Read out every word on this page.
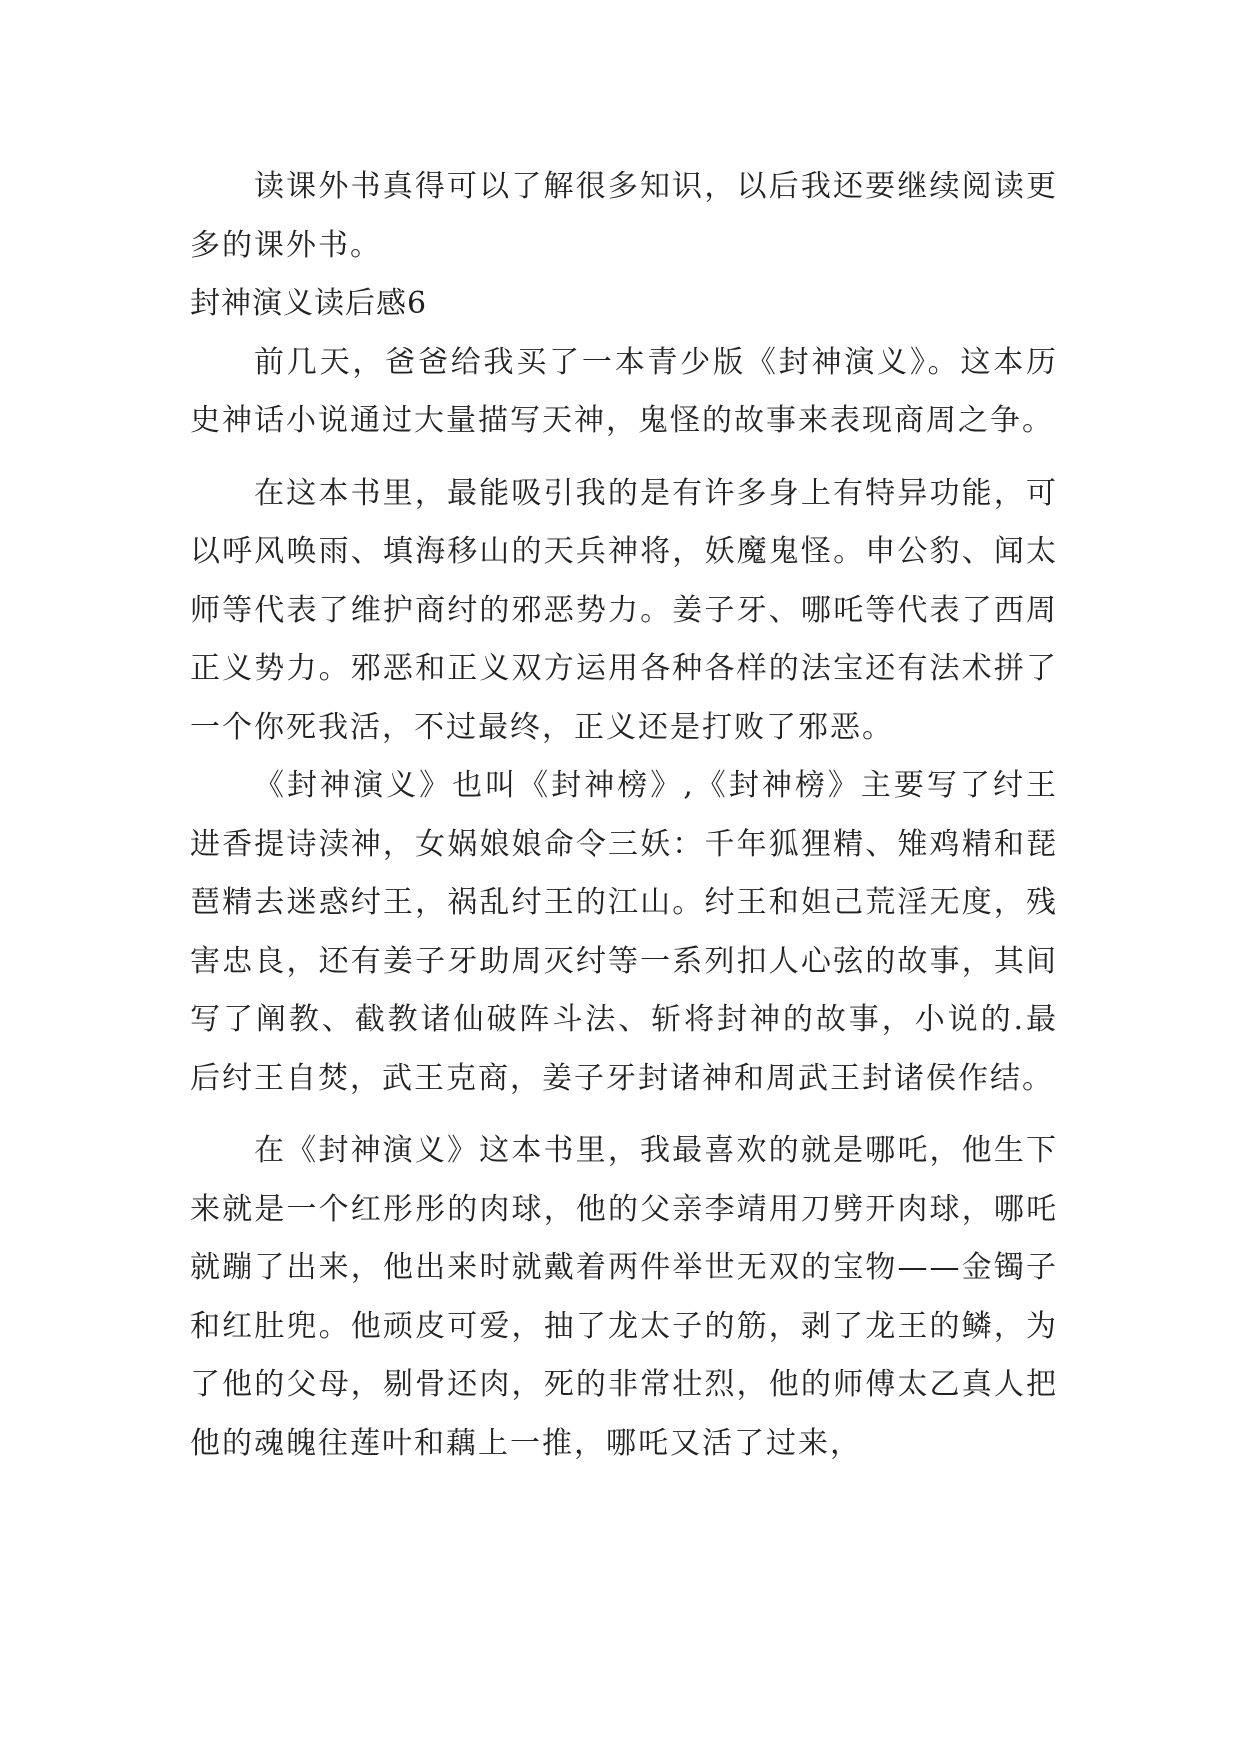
读课外书真得可以了解很多知识，以后我还要继续阅读更多的课外书。

封神演义读后感6

前几天，爸爸给我买了一本青少版《封神演义》。这本历史神话小说通过大量描写天神，鬼怪的故事来表现商周之争。

在这本书里，最能吸引我的是有许多身上有特异功能，可以呼风唤雨、填海移山的天兵神将，妖魔鬼怪。申公豹、闻太师等代表了维护商纣的邪恶势力。姜子牙、哪吒等代表了西周正义势力。邪恶和正义双方运用各种各样的法宝还有法术拼了一个你死我活，不过最终，正义还是打败了邪恶。

《封神演义》也叫《封神榜》,《封神榜》主要写了纣王进香提诗渎神，女娲娘娘命令三妖：千年狐狸精、雉鸡精和琵琶精去迷惑纣王，祸乱纣王的江山。纣王和妲己荒淫无度，残害忠良，还有姜子牙助周灭纣等一系列扣人心弦的故事，其间写了阐教、截教诸仙破阵斗法、斩将封神的故事，小说的.最后纣王自焚，武王克商，姜子牙封诸神和周武王封诸侯作结。

在《封神演义》这本书里，我最喜欢的就是哪吒，他生下来就是一个红彤彤的肉球，他的父亲李靖用刀劈开肉球，哪吒就蹦了出来，他出来时就戴着两件举世无双的宝物——金镯子和红肚兜。他顽皮可爱，抽了龙太子的筋，剥了龙王的鳞，为了他的父母，剔骨还肉，死的非常壮烈，他的师傅太乙真人把他的魂魄往莲叶和藕上一推，哪吒又活了过来，
